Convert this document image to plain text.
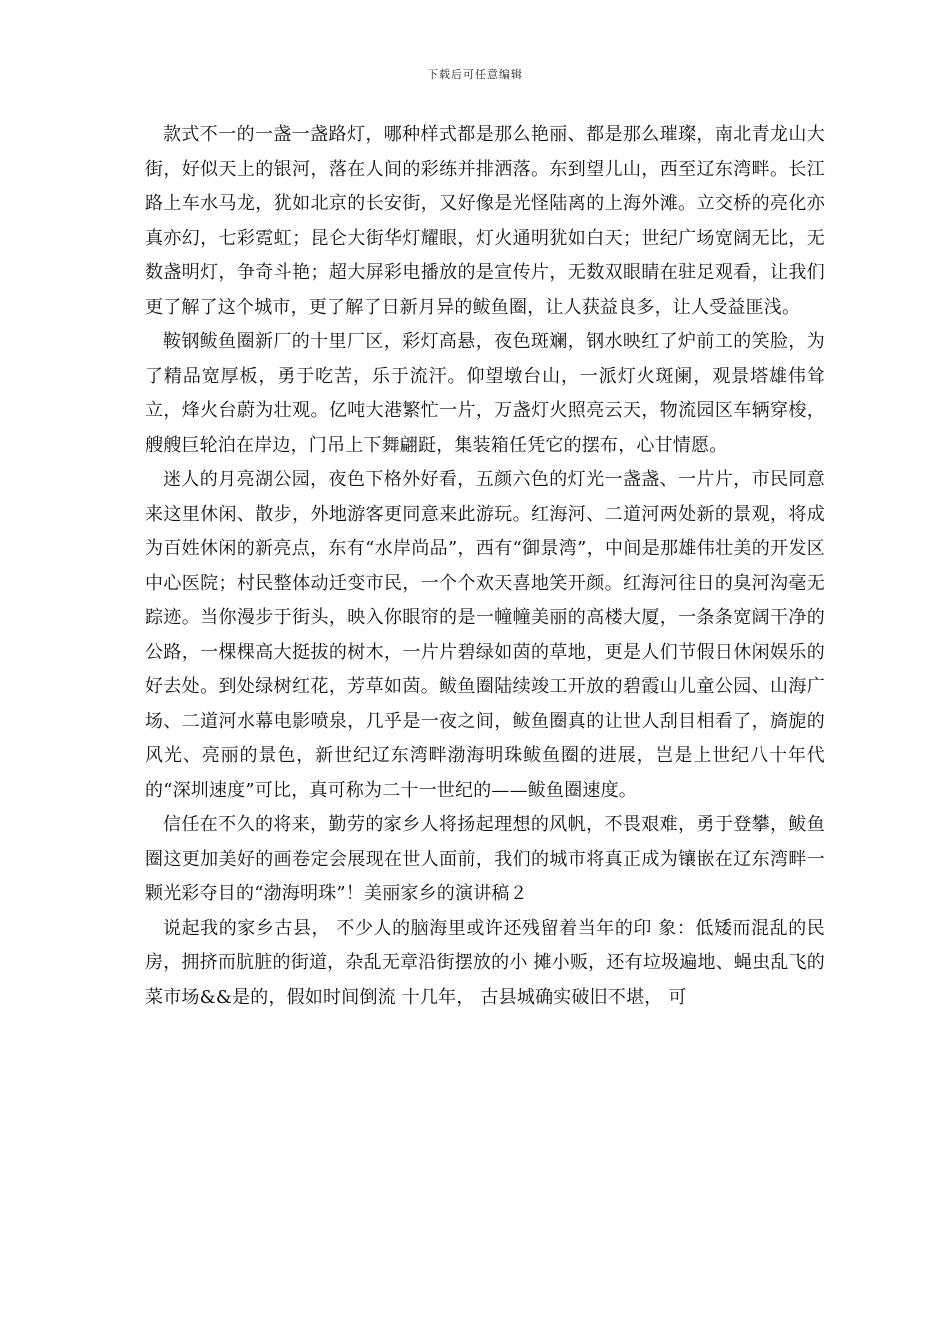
下载后可任意编辑

款式不一的一盏一盏路灯，哪种样式都是那么艳丽、都是那么璀璨，南北青龙山大街，好似天上的银河，落在人间的彩练并排洒落。东到望儿山，西至辽东湾畔。长江路上车水马龙，犹如北京的长安街，又好像是光怪陆离的上海外滩。立交桥的亮化亦真亦幻，七彩霓虹；昆仑大街华灯耀眼，灯火通明犹如白天；世纪广场宽阔无比，无数盏明灯，争奇斗艳；超大屏彩电播放的是宣传片，无数双眼睛在驻足观看，让我们更了解了这个城市，更了解了日新月异的鲅鱼圈，让人获益良多，让人受益匪浅。

鞍钢鲅鱼圈新厂的十里厂区，彩灯高悬，夜色斑斓，钢水映红了炉前工的笑脸，为了精品宽厚板，勇于吃苦，乐于流汗。仰望墩台山，一派灯火斑阑，观景塔雄伟耸立，烽火台蔚为壮观。亿吨大港繁忙一片，万盏灯火照亮云天，物流园区车辆穿梭，艘艘巨轮泊在岸边，门吊上下舞翩跹，集装箱任凭它的摆布，心甘情愿。

迷人的月亮湖公园，夜色下格外好看，五颜六色的灯光一盏盏、一片片，市民同意来这里休闲、散步，外地游客更同意来此游玩。红海河、二道河两处新的景观，将成为百姓休闲的新亮点，东有“水岸尚品”，西有“御景湾”，中间是那雄伟壮美的开发区中心医院；村民整体动迁变市民，一个个欢天喜地笑开颜。红海河往日的臭河沟毫无踪迹。当你漫步于街头，映入你眼帘的是一幢幢美丽的高楼大厦，一条条宽阔干净的公路，一棵棵高大挺拔的树木，一片片碧绿如茵的草地，更是人们节假日休闲娱乐的好去处。到处绿树红花，芳草如茵。鲅鱼圈陆续竣工开放的碧霞山儿童公园、山海广场、二道河水幕电影喷泉，几乎是一夜之间，鲅鱼圈真的让世人刮目相看了，旖旎的风光、亮丽的景色，新世纪辽东湾畔渤海明珠鲅鱼圈的进展，岂是上世纪八十年代的“深圳速度”可比，真可称为二十一世纪的——鲅鱼圈速度。

信任在不久的将来，勤劳的家乡人将扬起理想的风帆，不畏艰难，勇于登攀，鲅鱼圈这更加美好的画卷定会展现在世人面前，我们的城市将真正成为镶嵌在辽东湾畔一颗光彩夺目的“渤海明珠”！美丽家乡的演讲稿２

说起我的家乡古县， 不少人的脑海里或许还残留着当年的印 象：低矮而混乱的民房，拥挤而肮脏的街道，杂乱无章沿街摆放的小 摊小贩，还有垃圾遍地、蝇虫乱飞的菜市场&&是的，假如时间倒流 十几年， 古县城确实破旧不堪， 可
